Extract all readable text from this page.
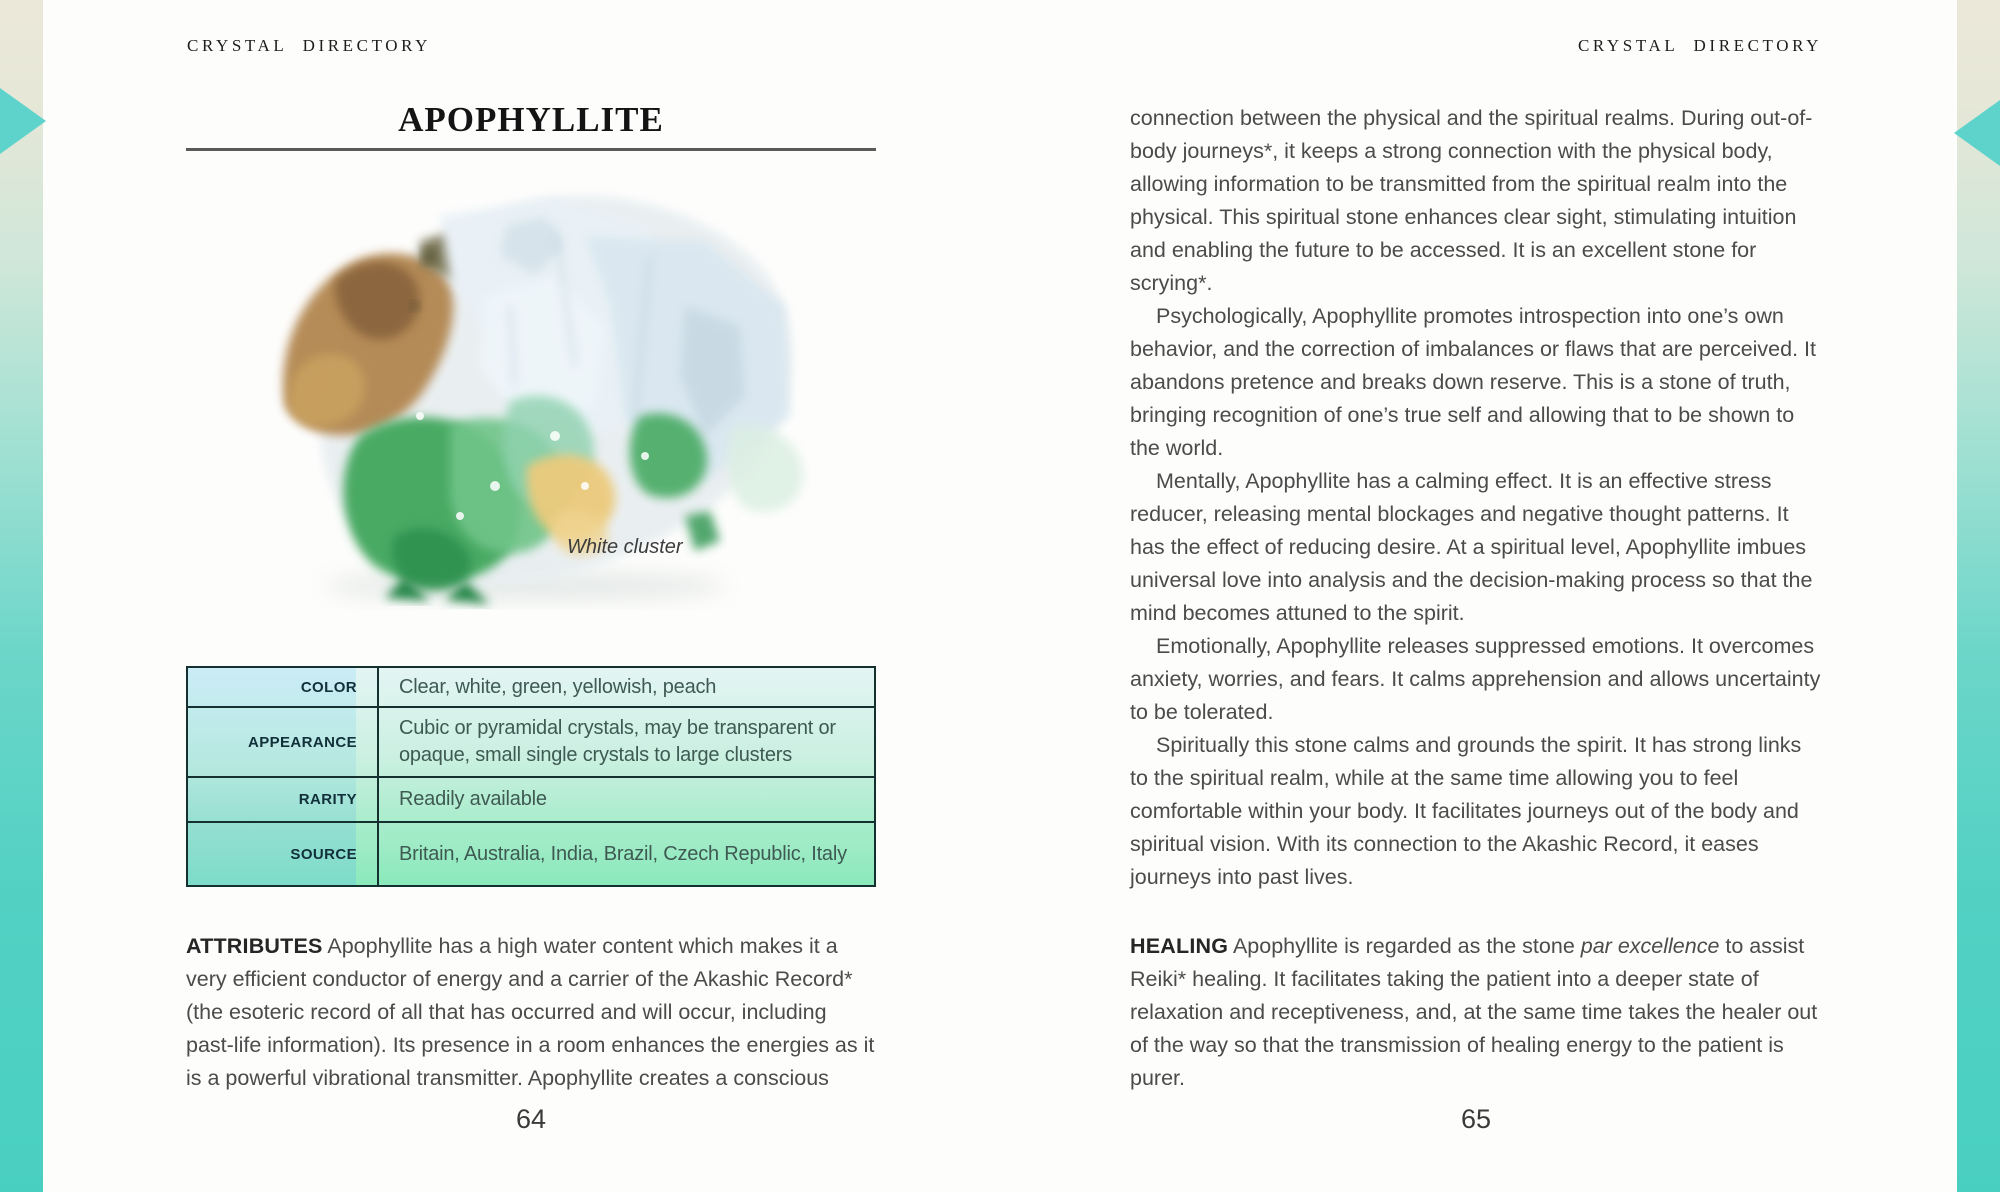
CRYSTAL DIRECTORY	CRYSTAL DIRECTORY
APOPHYLLITE
White cluster
COLOR	Clear, white, green, yellowish, peach
APPEARANCE	Cubic or pyramidal crystals, may be transparent or opaque, small single crystals to large clusters
RARITY	Readily available
SOURCE	Britain, Australia, India, Brazil, Czech Republic, Italy

ATTRIBUTES Apophyllite has a high water content which makes it a very efficient conductor of energy and a carrier of the Akashic Record* (the esoteric record of all that has occurred and will occur, including past-life information). Its presence in a room enhances the energies as it is a powerful vibrational transmitter. Apophyllite creates a conscious

64

connection between the physical and the spiritual realms. During out-of-body journeys*, it keeps a strong connection with the physical body, allowing information to be transmitted from the spiritual realm into the physical. This spiritual stone enhances clear sight, stimulating intuition and enabling the future to be accessed. It is an excellent stone for scrying*.

Psychologically, Apophyllite promotes introspection into one’s own behavior, and the correction of imbalances or flaws that are perceived. It abandons pretence and breaks down reserve. This is a stone of truth, bringing recognition of one’s true self and allowing that to be shown to the world.

Mentally, Apophyllite has a calming effect. It is an effective stress reducer, releasing mental blockages and negative thought patterns. It has the effect of reducing desire. At a spiritual level, Apophyllite imbues universal love into analysis and the decision-making process so that the mind becomes attuned to the spirit.

Emotionally, Apophyllite releases suppressed emotions. It overcomes anxiety, worries, and fears. It calms apprehension and allows uncertainty to be tolerated.

Spiritually this stone calms and grounds the spirit. It has strong links to the spiritual realm, while at the same time allowing you to feel comfortable within your body. It facilitates journeys out of the body and spiritual vision. With its connection to the Akashic Record, it eases journeys into past lives.

HEALING Apophyllite is regarded as the stone par excellence to assist Reiki* healing. It facilitates taking the patient into a deeper state of relaxation and receptiveness, and, at the same time takes the healer out of the way so that the transmission of healing energy to the patient is purer.

65
